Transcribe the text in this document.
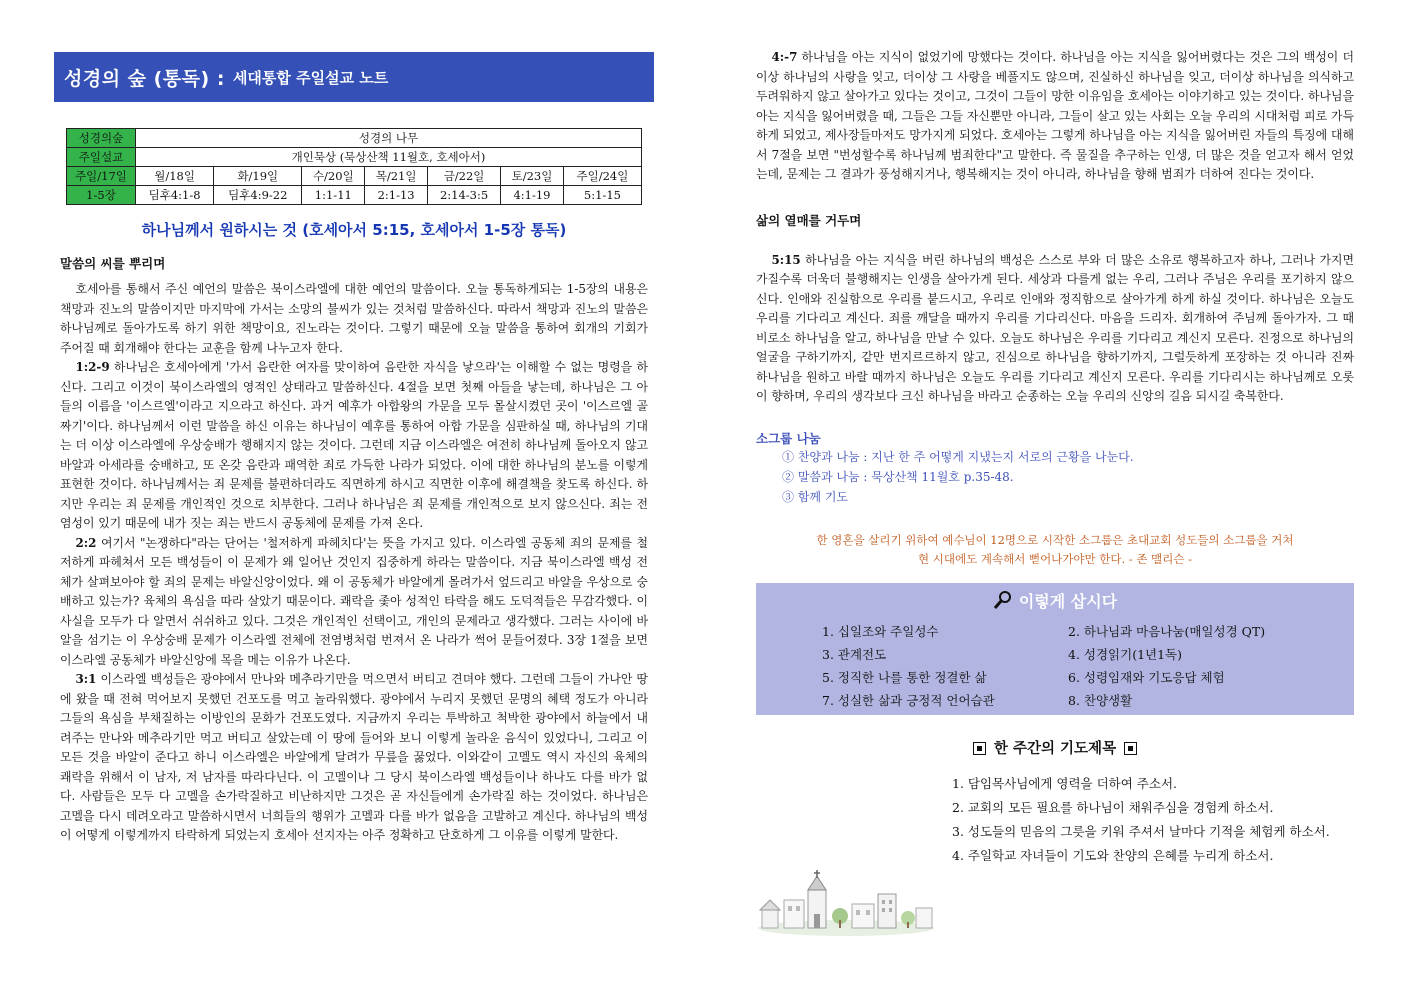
성경의 숲 (통독) : 세대통합 주일설교 노트
성경의숲	성경의 나무						
주일설교	개인묵상 (묵상산책 11월호, 호세아서)						
주일/17일	월/18일	화/19일	수/20일	목/21일	금/22일	토/23일	주일/24일
1-5장	딤후4:1-8	딤후4:9-22	1:1-11	2:1-13	2:14-3:5	4:1-19	5:1-15
하나님께서 원하시는 것 (호세아서 5:15, 호세아서 1-5장 통독)
말씀의 씨를 뿌리며

호세아를 통해서 주신 예언의 말씀은 북이스라엘에 대한 예언의 말씀이다. 오늘 통독하게되는 1-5장의 내용은 책망과 진노의 말씀이지만 마지막에 가서는 소망의 불씨가 있는 것처럼 말씀하신다. 따라서 책망과 진노의 말씀은 하나님께로 돌아가도록 하기 위한 책망이요, 진노라는 것이다. 그렇기 때문에 오늘 말씀을 통하여 회개의 기회가 주어질 때 회개해야 한다는 교훈을 함께 나누고자 한다.

1:2-9 하나님은 호세아에게 '가서 음란한 여자를 맞이하여 음란한 자식을 낳으라'는 이해할 수 없는 명령을 하신다. 그리고 이것이 북이스라엘의 영적인 상태라고 말씀하신다. 4절을 보면 첫째 아들을 낳는데, 하나님은 그 아들의 이름을 '이스르엘'이라고 지으라고 하신다. 과거 예후가 아합왕의 가문을 모두 몰살시켰던 곳이 '이스르엘 골짜기'이다. 하나님께서 이런 말씀을 하신 이유는 하나님이 예후를 통하여 아합 가문을 심판하실 때, 하나님의 기대는 더 이상 이스라엘에 우상숭배가 행해지지 않는 것이다. 그런데 지금 이스라엘은 여전히 하나님께 돌아오지 않고 바알과 아세라를 숭배하고, 또 온갖 음란과 패역한 죄로 가득한 나라가 되었다. 이에 대한 하나님의 분노를 이렇게 표현한 것이다. 하나님께서는 죄 문제를 불편하더라도 직면하게 하시고 직면한 이후에 해결책을 찾도록 하신다. 하지만 우리는 죄 문제를 개인적인 것으로 치부한다. 그러나 하나님은 죄 문제를 개인적으로 보지 않으신다. 죄는 전염성이 있기 때문에 내가 짓는 죄는 반드시 공동체에 문제를 가져 온다.

2:2 여기서 "논쟁하다"라는 단어는 '철저하게 파헤치다'는 뜻을 가지고 있다. 이스라엘 공동체 죄의 문제를 철저하게 파헤쳐서 모든 백성들이 이 문제가 왜 일어난 것인지 집중하게 하라는 말씀이다. 지금 북이스라엘 백성 전체가 살펴보아야 할 죄의 문제는 바알신앙이었다. 왜 이 공동체가 바알에게 몰려가서 엎드리고 바알을 우상으로 숭배하고 있는가? 육체의 욕심을 따라 살았기 때문이다. 쾌락을 좇아 성적인 타락을 해도 도덕적들은 무감각했다. 이 사실을 모두가 다 알면서 쉬쉬하고 있다. 그것은 개인적인 선택이고, 개인의 문제라고 생각했다. 그러는 사이에 바알을 섬기는 이 우상숭배 문제가 이스라엘 전체에 전염병처럼 번져서 온 나라가 썩어 문들어졌다. 3장 1절을 보면 이스라엘 공동체가 바알신앙에 목을 메는 이유가 나온다.

3:1 이스라엘 백성들은 광야에서 만나와 메추라기만을 먹으면서 버티고 견뎌야 했다. 그런데 그들이 가나안 땅에 왔을 때 전혀 먹어보지 못했던 건포도를 먹고 놀라워했다. 광야에서 누리지 못했던 문명의 혜택 정도가 아니라 그들의 욕심을 부채질하는 이방인의 문화가 건포도였다. 지금까지 우리는 투박하고 척박한 광야에서 하늘에서 내려주는 만나와 메추라기만 먹고 버티고 살았는데 이 땅에 들어와 보니 이렇게 놀라운 음식이 있었다니, 그리고 이 모든 것을 바알이 준다고 하니 이스라엘은 바알에게 달려가 무릎을 꿇었다. 이와같이 고멜도 역시 자신의 육체의 쾌락을 위해서 이 남자, 저 남자를 따라다닌다. 이 고멜이나 그 당시 북이스라엘 백성들이나 하나도 다를 바가 없다. 사람들은 모두 다 고멜을 손가락질하고 비난하지만 그것은 곧 자신들에게 손가락질 하는 것이었다. 하나님은 고멜을 다시 데려오라고 말씀하시면서 너희들의 행위가 고멜과 다를 바가 없음을 고발하고 계신다. 하나님의 백성이 어떻게 이렇게까지 타락하게 되었는지 호세아 선지자는 아주 정확하고 단호하게 그 이유를 이렇게 말한다.

4:-7 하나님을 아는 지식이 없었기에 망했다는 것이다. 하나님을 아는 지식을 잃어버렸다는 것은 그의 백성이 더이상 하나님의 사랑을 잊고, 더이상 그 사랑을 베풀지도 않으며, 진실하신 하나님을 잊고, 더이상 하나님을 의식하고 두려워하지 않고 살아가고 있다는 것이고, 그것이 그들이 망한 이유임을 호세아는 이야기하고 있는 것이다. 하나님을 아는 지식을 잃어버렸을 때, 그들은 그들 자신뿐만 아니라, 그들이 살고 있는 사회는 오늘 우리의 시대처럼 피로 가득하게 되었고, 제사장들마저도 망가지게 되었다. 호세아는 그렇게 하나님을 아는 지식을 잃어버린 자들의 특징에 대해서 7절을 보면 "번성할수록 하나님께 범죄한다"고 말한다. 즉 물질을 추구하는 인생, 더 많은 것을 얻고자 해서 얻었는데, 문제는 그 결과가 풍성해지거나, 행복해지는 것이 아니라, 하나님을 향해 범죄가 더하여 진다는 것이다.

삶의 열매를 거두며

5:15 하나님을 아는 지식을 버린 하나님의 백성은 스스로 부와 더 많은 소유로 행복하고자 하나, 그러나 가지면 가질수록 더욱더 불행해지는 인생을 살아가게 된다. 세상과 다를게 없는 우리, 그러나 주님은 우리를 포기하지 않으신다. 인애와 진실함으로 우리를 붙드시고, 우리로 인애와 정직함으로 살아가게 하게 하실 것이다. 하나님은 오늘도 우리를 기다리고 계신다. 죄를 깨달을 때까지 우리를 기다리신다. 마음을 드리자. 회개하여 주님께 돌아가자. 그 때 비로소 하나님을 알고, 하나님을 만날 수 있다. 오늘도 하나님은 우리를 기다리고 계신지 모른다. 진정으로 하나님의 얼굴을 구하기까지, 같만 번지르르하지 않고, 진심으로 하나님을 향하기까지, 그럴듯하게 포장하는 것 아니라 진짜 하나님을 원하고 바랄 때까지 하나님은 오늘도 우리를 기다리고 계신지 모른다. 우리를 기다리시는 하나님께로 오롯이 향하며, 우리의 생각보다 크신 하나님을 바라고 순종하는 오늘 우리의 신앙의 길음 되시길 축복한다.

소그룹 나눔
① 찬양과 나눔 : 지난 한 주 어떻게 지냈는지 서로의 근황을 나눈다.
② 말씀과 나눔 : 묵상산책 11월호 p.35-48.
③ 함께 기도
한 영혼을 살리기 위하여 예수님이 12명으로 시작한 소그룹은 초대교회 성도들의 소그룹을 거쳐
현 시대에도 계속해서 뻗어나가야만 한다. - 존 맬리슨 -
이렇게 삽시다
1. 십일조와 주일성수	2. 하나님과 마음나눔(매일성경 QT)
3. 관계전도	4. 성경읽기(1년1독)
5. 정직한 나를 통한 정결한 삶	6. 성령임재와 기도응답 체험
7. 성실한 삶과 긍정적 언어습관	8. 찬양생활
한 주간의 기도제목
1. 담임목사님에게 영력을 더하여 주소서.
2. 교회의 모든 필요를 하나님이 채워주심을 경험케 하소서.
3. 성도들의 믿음의 그릇을 키워 주셔서 날마다 기적을 체험케 하소서.
4. 주일학교 자녀들이 기도와 찬양의 은혜를 누리게 하소서.
